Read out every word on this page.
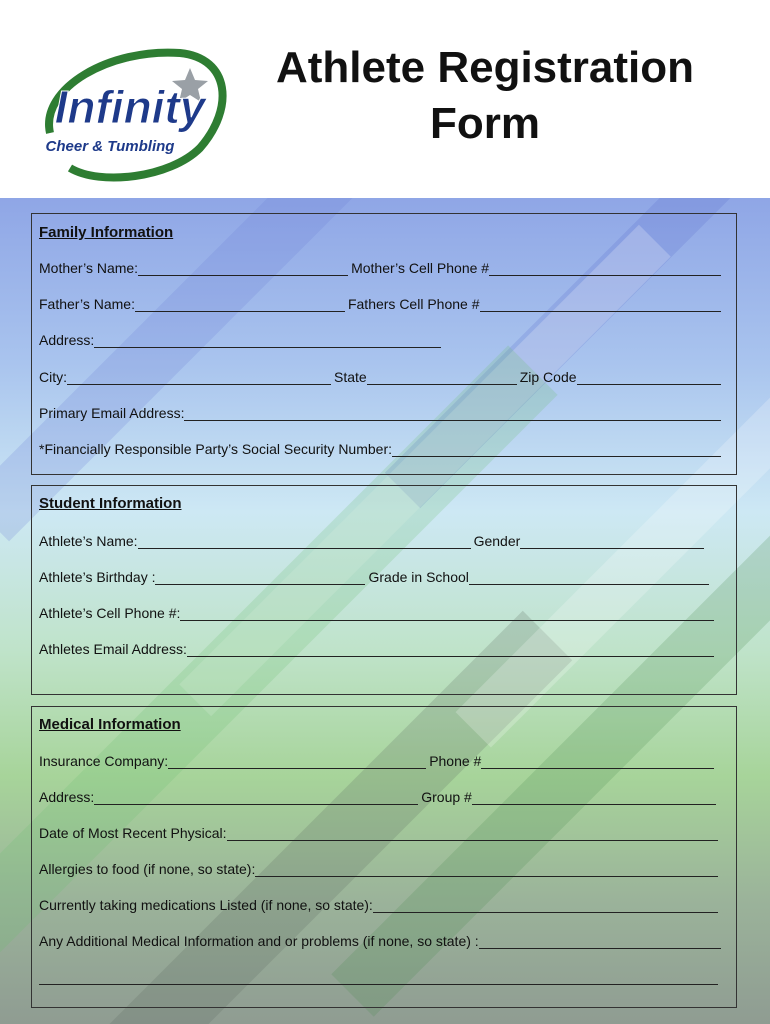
Infinity
Cheer & Tumbling
Athlete Registration
Form
Family Information
Mother’s Name:	Mother’s Cell Phone #
Father’s Name:	Fathers Cell Phone #
Address:
City:	State	Zip Code
Primary Email Address:
*Financially Responsible Party’s Social Security Number:
Student Information
Athlete’s Name:	Gender
Athlete’s Birthday :	Grade in School
Athlete’s Cell Phone #:
Athletes Email Address:
Medical Information
Insurance Company:	Phone #
Address:	Group #
Date of Most Recent Physical:
Allergies to food (if none, so state):
Currently taking medications Listed (if none, so state):
Any Additional Medical Information and or problems (if none, so state) :
